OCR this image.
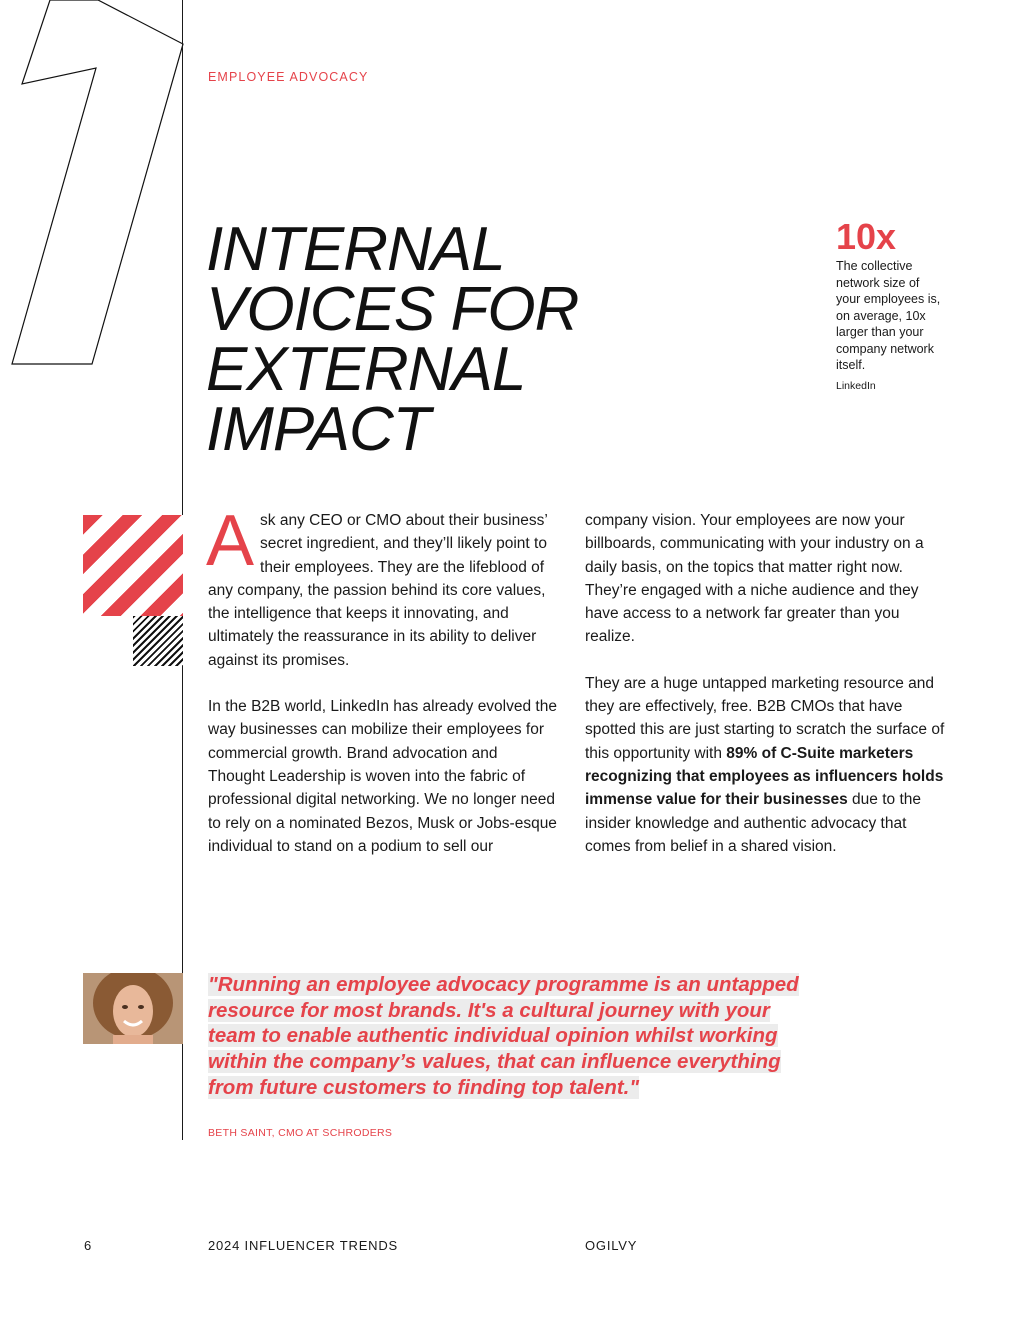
EMPLOYEE ADVOCACY
INTERNAL
VOICES FOR
EXTERNAL
IMPACT
10x
The collective network size of your employees is, on average, 10x larger than your company network itself.
LinkedIn

Ask any CEO or CMO about their business’ secret ingredient, and they’ll likely point to their employees. They are the lifeblood of any company, the passion behind its core values, the intelligence that keeps it innovating, and ultimately the reassurance in its ability to deliver against its promises.

In the B2B world, LinkedIn has already evolved the way businesses can mobilize their employees for commercial growth. Brand advocation and Thought Leadership is woven into the fabric of professional digital networking. We no longer need to rely on a nominated Bezos, Musk or Jobs-esque individual to stand on a podium to sell our

company vision. Your employees are now your billboards, communicating with your industry on a daily basis, on the topics that matter right now. They’re engaged with a niche audience and they have access to a network far greater than you realize.

They are a huge untapped marketing resource and they are effectively, free. B2B CMOs that have spotted this are just starting to scratch the surface of this opportunity with 89% of C-Suite marketers recognizing that employees as influencers holds immense value for their businesses due to the insider knowledge and authentic advocacy that comes from belief in a shared vision.

"Running an employee advocacy programme is an untapped resource for most brands. It's a cultural journey with your team to enable authentic individual opinion whilst working within the company’s values, that can influence everything from future customers to finding top talent."
BETH SAINT, CMO AT SCHRODERS
6	2024 INFLUENCER TRENDS	OGILVY
